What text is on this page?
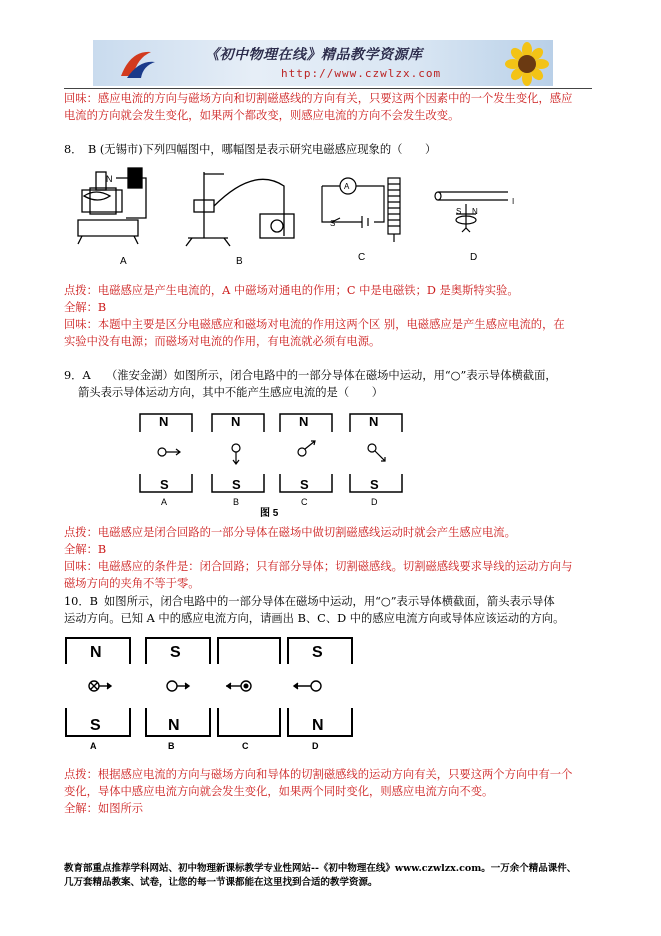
《初中物理在线》精品教学资源库
http://www.czwlzx.com
回味：感应电流的方向与磁场方向和切割磁感线的方向有关，只要这两个因素中的一个发生变化，感应
电流的方向就会发生变化，如果两个都改变，则感应电流的方向不会发生改变。
8． B (无锡市)下列四幅图中，哪幅图是表示研究电磁感应现象的（　　）
N
A
S
S N
I
A	B	C	D
点拨：电磁感应是产生电流的，A 中磁场对通电的作用；C 中是电磁铁；D 是奥斯特实验。
全解：B
回味：本题中主要是区分电磁感应和磁场对电流的作用这两个区 别，电磁感应是产生感应电流的，在
实验中没有电源；而磁场对电流的作用，有电流就必须有电源。
9．A （淮安金湖）如图所示，闭合电路中的一部分导体在磁场中运动，用“○”表示导体横截面，
箭头表示导体运动方向，其中不能产生感应电流的是（　　）
N	N	N	N
S	S	S	S
A	B	C	D
图 5
点拨：电磁感应是闭合回路的一部分导体在磁场中做切割磁感线运动时就会产生感应电流。
全解：B
回味：电磁感应的条件是：闭合回路；只有部分导体；切割磁感线。切割磁感线要求导线的运动方向与
磁场方向的夹角不等于零。
10．B 如图所示，闭合电路中的一部分导体在磁场中运动，用“○”表示导体横截面，箭头表示导体
运动方向。已知 A 中的感应电流方向，请画出 B、C、D 中的感应电流方向或导体应该运动的方向。
N	S	S
S	N	N
A	B	C	D
点拨：根据感应电流的方向与磁场方向和导体的切割磁感线的运动方向有关，只要这两个方向中有一个
变化，导体中感应电流方向就会发生变化，如果两个同时变化，则感应电流方向不变。
全解：如图所示
教育部重点推荐学科网站、初中物理新课标教学专业性网站--《初中物理在线》www.czwlzx.com。一万余个精品课件、
几万套精品教案、试卷，让您的每一节课都能在这里找到合适的教学资源。
